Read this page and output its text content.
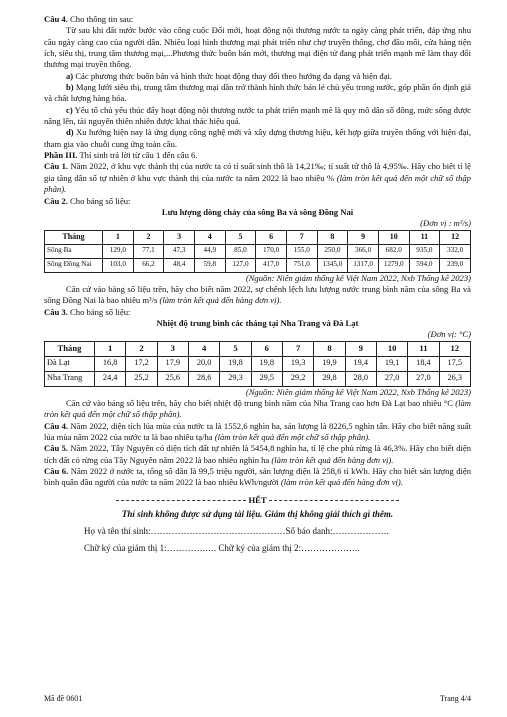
Câu 4. Cho thông tin sau:

Từ sau khi đất nước bước vào công cuộc Đổi mới, hoạt động nội thương nước ta ngày càng phát triển, đáp ứng nhu cầu ngày càng cao của người dân. Nhiều loại hình thương mại phát triển như chợ truyền thống, chợ đầu mối, cửa hàng tiện ích, siêu thị, trung tâm thương mại,...Phương thức buôn bán mới, thương mại điện tử đang phát triển mạnh mẽ làm thay đổi thương mại truyền thống.

a) Các phương thức buôn bán và hình thức hoạt động thay đổi theo hướng đa dạng và hiện đại.

b) Mạng lưới siêu thị, trung tâm thương mại dần trở thành hình thức bán lẻ chủ yếu trong nước, góp phần ổn định giá và chất lượng hàng hóa.

c) Yếu tố chủ yếu thúc đẩy hoạt động nội thương nước ta phát triển mạnh mẽ là quy mô dân số đông, mức sống được nâng lên, tài nguyên thiên nhiên được khai thác hiệu quả.

d) Xu hướng hiện nay là ứng dụng công nghệ mới và xây dựng thương hiệu, kết hợp giữa truyền thống với hiện đại, tham gia vào chuỗi cung ứng toàn cầu.

Phần III. Thí sinh trả lời từ câu 1 đến câu 6.

Câu 1. Năm 2022, ở khu vực thành thị của nước ta có tỉ suất sinh thô là 14,21‰; tỉ suất tử thô là 4,95‰. Hãy cho biết tỉ lệ gia tăng dân số tự nhiên ở khu vực thành thị của nước ta năm 2022 là bao nhiêu % (làm tròn kết quả đến một chữ số thập phân).

Câu 2. Cho bảng số liệu:

Lưu lượng dòng chảy của sông Ba và sông Đồng Nai

(Đơn vị : m³/s)

Tháng	1	2	3	4	5	6	7	8	9	10	11	12
Sông Ba	129,0	77,1	47,3	44,9	85,0	170,0	155,0	250,0	366,0	682,0	935,0	332,0
Sông Đồng Nai	103,0	66,2	48,4	59,8	127,0	417,0	751,0	1345,0	1317,0	1279,0	594,0	239,0

(Nguồn: Niên giám thống kê Việt Nam 2022, Nxb Thống kê 2023)

Căn cứ vào bảng số liệu trên, hãy cho biết năm 2022, sự chênh lệch lưu lượng nước trung bình năm của sông Ba và sông Đồng Nai là bao nhiêu m³/s (làm tròn kết quả đến hàng đơn vị).

Câu 3. Cho bảng số liệu:

Nhiệt độ trung bình các tháng tại Nha Trang và Đà Lạt

(Đơn vị: °C)

Tháng	1	2	3	4	5	6	7	8	9	10	11	12
Đà Lạt	16,8	17,2	17,9	20,0	19,8	19,8	19,3	19,9	19,4	19,1	18,4	17,5
Nha Trang	24,4	25,2	25,6	28,6	29,3	29,5	29,2	29,8	28,0	27,0	27,0	26,3

(Nguồn: Niên giám thống kê Việt Nam 2022, Nxb Thống kê 2023)

Căn cứ vào bảng số liệu trên, hãy cho biết nhiệt độ trung bình năm của Nha Trang cao hơn Đà Lạt bao nhiêu °C (làm tròn kết quả đến một chữ số thập phân).

Câu 4. Năm 2022, diện tích lúa mùa của nước ta là 1552,6 nghìn ha, sản lượng là 8226,5 nghìn tấn. Hãy cho biết năng suất lúa mùa năm 2022 của nước ta là bao nhiêu tạ/ha (làm tròn kết quả đến một chữ số thập phân).

Câu 5. Năm 2022, Tây Nguyên có diện tích đất tự nhiên là 5454,8 nghìn ha, tỉ lệ che phủ rừng là 46,3%. Hãy cho biết diện tích đất có rừng của Tây Nguyên năm 2022 là bao nhiêu nghìn ha (làm tròn kết quả đến hàng đơn vị).

Câu 6. Năm 2022 ở nước ta, tổng số dân là 99,5 triệu người, sản lượng điện là 258,6 tỉ kWh. Hãy cho biết sản lượng điện bình quân đầu người của nước ta năm 2022 là bao nhiêu kWh/người (làm tròn kết quả đến hàng đơn vị).

HẾT

Thí sinh không được sử dụng tài liệu. Giám thị không giải thích gì thêm.

Họ và tên thí sinh:………………………………………Số báo danh:……………….

Chữ ký của giám thị 1:………….…. Chữ ký của giám thị 2:………………..

Mã đề 0601	Trang 4/4
